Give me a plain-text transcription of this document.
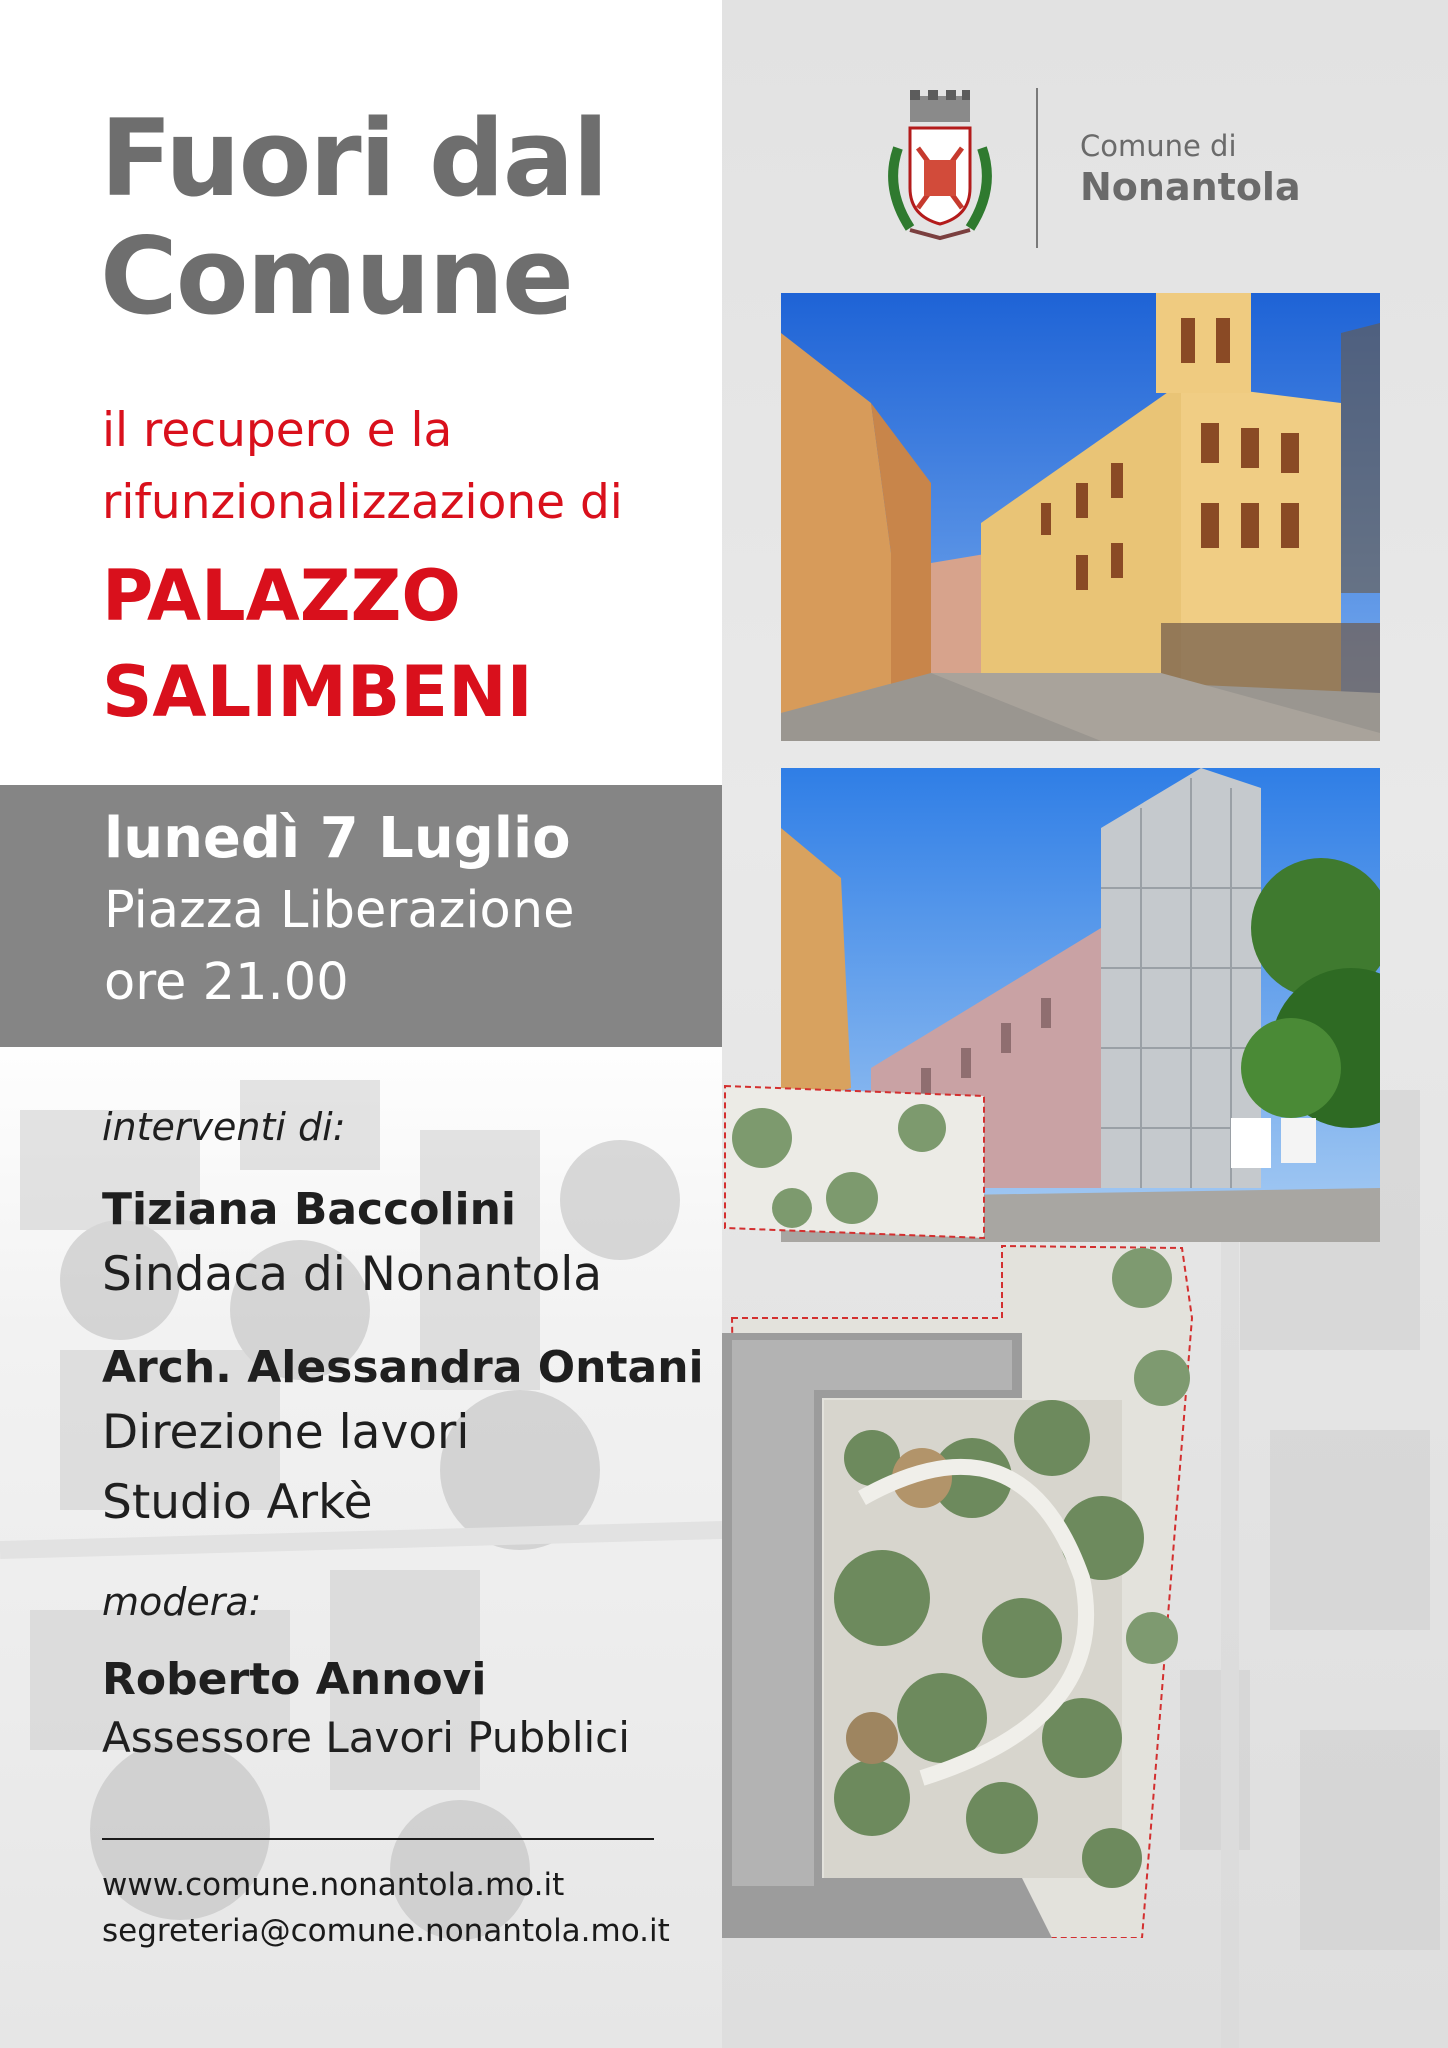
Fuori dal
Comune
il recupero e la
rifunzionalizzazione di
PALAZZO
SALIMBENI
lunedì 7 Luglio
Piazza Liberazione
ore 21.00
interventi di:
Tiziana Baccolini
Sindaca di Nonantola
Arch. Alessandra Ontani
Direzione lavori
Studio Arkè
modera:
Roberto Annovi
Assessore Lavori Pubblici
www.comune.nonantola.mo.it
segreteria@comune.nonantola.mo.it
Comune di
Nonantola
